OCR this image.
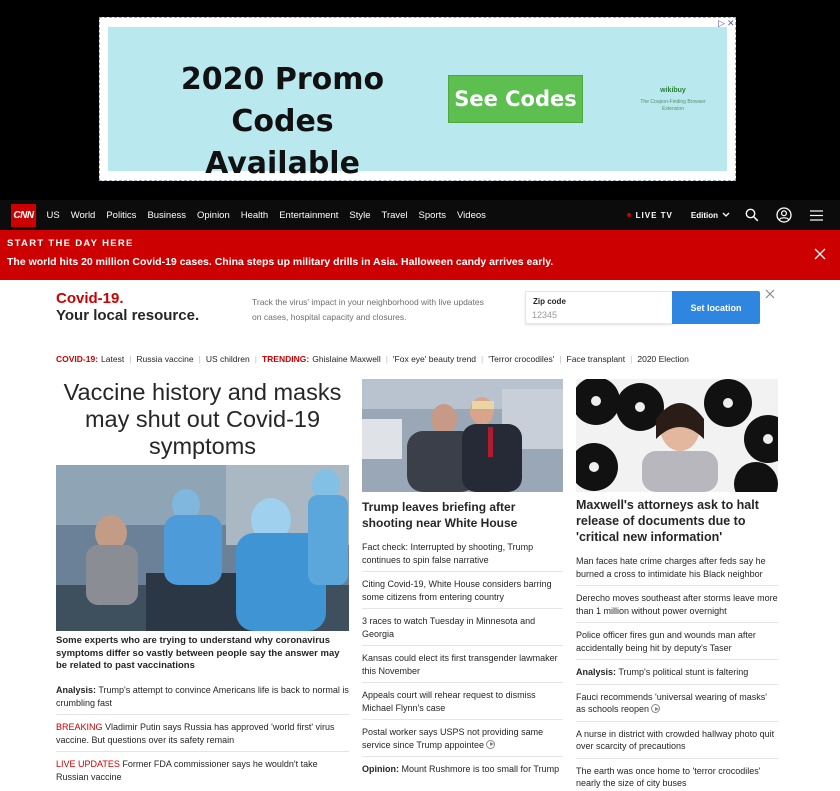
2020 Promo Codes Available
See Codes	wikibuy
The Coupon-Finding Browser Extension
▷ ✕
CNN	US	World	Politics	Business	Opinion	Health	Entertainment	Style	Travel	Sports	Videos	LIVE TV Edition
START THE DAY HERE
The world hits 20 million Covid-19 cases. China steps up military drills in Asia. Halloween candy arrives early.
Covid-19.
Your local resource.
Track the virus' impact in your neighborhood with live updates on cases, hospital capacity and closures.
Zip code
12345
Set location
COVID-19: Latest | Russia vaccine | US children | TRENDING: Ghislaine Maxwell | 'Fox eye' beauty trend | 'Terror crocodiles' | Face transplant | 2020 Election
Vaccine history and masks may shut out Covid-19 symptoms
Some experts who are trying to understand why coronavirus symptoms differ so vastly between people say the answer may be related to past vaccinations
Analysis: Trump's attempt to convince Americans life is back to normal is crumbling fast
BREAKING Vladimir Putin says Russia has approved 'world first' virus vaccine. But questions over its safety remain
LIVE UPDATES Former FDA commissioner says he wouldn't take Russian vaccine
Trump leaves briefing after shooting near White House
Fact check: Interrupted by shooting, Trump continues to spin false narrative
Citing Covid-19, White House considers barring some citizens from entering country
3 races to watch Tuesday in Minnesota and Georgia
Kansas could elect its first transgender lawmaker this November
Appeals court will rehear request to dismiss Michael Flynn's case
Postal worker says USPS not providing same service since Trump appointee
Opinion: Mount Rushmore is too small for Trump
Maxwell's attorneys ask to halt release of documents due to 'critical new information'
Man faces hate crime charges after feds say he burned a cross to intimidate his Black neighbor
Derecho moves southeast after storms leave more than 1 million without power overnight
Police officer fires gun and wounds man after accidentally being hit by deputy's Taser
Analysis: Trump's political stunt is faltering
Fauci recommends 'universal wearing of masks' as schools reopen
A nurse in district with crowded hallway photo quit over scarcity of precautions
The earth was once home to 'terror crocodiles' nearly the size of city buses
